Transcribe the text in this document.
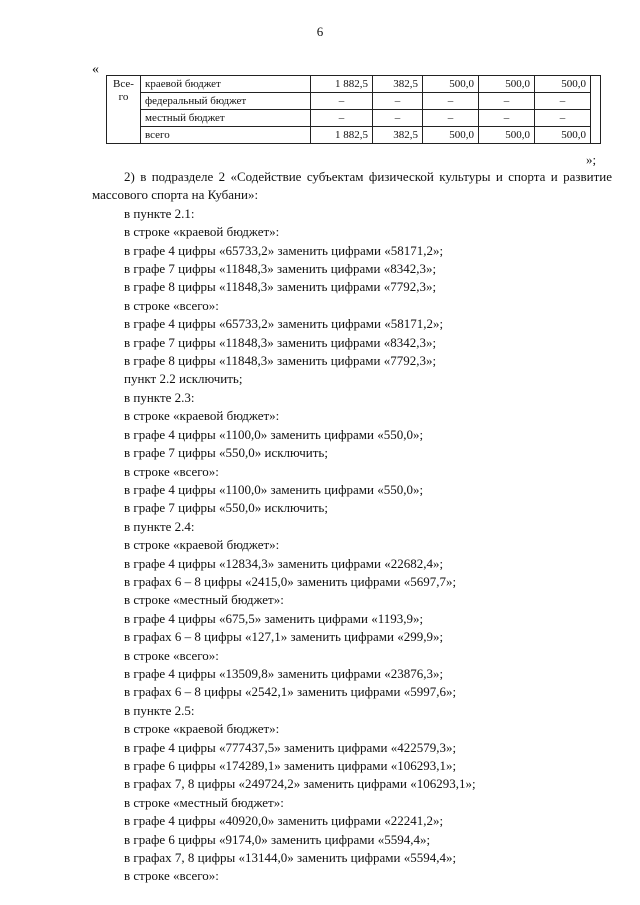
6
«
Все-го	краевой бюджет	1 882,5	382,5	500,0	500,0	500,0	
	федеральный бюджет	–	–	–	–	–	
	местный бюджет	–	–	–	–	–	
	всего	1 882,5	382,5	500,0	500,0	500,0	
»;

2) в подразделе 2 «Содействие субъектам физической культуры и спорта и развитие массового спорта на Кубани»:

в пункте 2.1:
в строке «краевой бюджет»:
в графе 4 цифры «65733,2» заменить цифрами «58171,2»;
в графе 7 цифры «11848,3» заменить цифрами «8342,3»;
в графе 8 цифры «11848,3» заменить цифрами «7792,3»;
в строке «всего»:
в графе 4 цифры «65733,2» заменить цифрами «58171,2»;
в графе 7 цифры «11848,3» заменить цифрами «8342,3»;
в графе 8 цифры «11848,3» заменить цифрами «7792,3»;
пункт 2.2 исключить;
в пункте 2.3:
в строке «краевой бюджет»:
в графе 4 цифры «1100,0» заменить цифрами «550,0»;
в графе 7 цифры «550,0» исключить;
в строке «всего»:
в графе 4 цифры «1100,0» заменить цифрами «550,0»;
в графе 7 цифры «550,0» исключить;
в пункте 2.4:
в строке «краевой бюджет»:
в графе 4 цифры «12834,3» заменить цифрами «22682,4»;
в графах 6 – 8 цифры «2415,0» заменить цифрами «5697,7»;
в строке «местный бюджет»:
в графе 4 цифры «675,5» заменить цифрами «1193,9»;
в графах 6 – 8 цифры «127,1» заменить цифрами «299,9»;
в строке «всего»:
в графе 4 цифры «13509,8» заменить цифрами «23876,3»;
в графах 6 – 8 цифры «2542,1» заменить цифрами «5997,6»;
в пункте 2.5:
в строке «краевой бюджет»:
в графе 4 цифры «777437,5» заменить цифрами «422579,3»;
в графе 6 цифры «174289,1» заменить цифрами «106293,1»;
в графах 7, 8 цифры «249724,2» заменить цифрами «106293,1»;
в строке «местный бюджет»:
в графе 4 цифры «40920,0» заменить цифрами «22241,2»;
в графе 6 цифры «9174,0» заменить цифрами «5594,4»;
в графах 7, 8 цифры «13144,0» заменить цифрами «5594,4»;
в строке «всего»:
